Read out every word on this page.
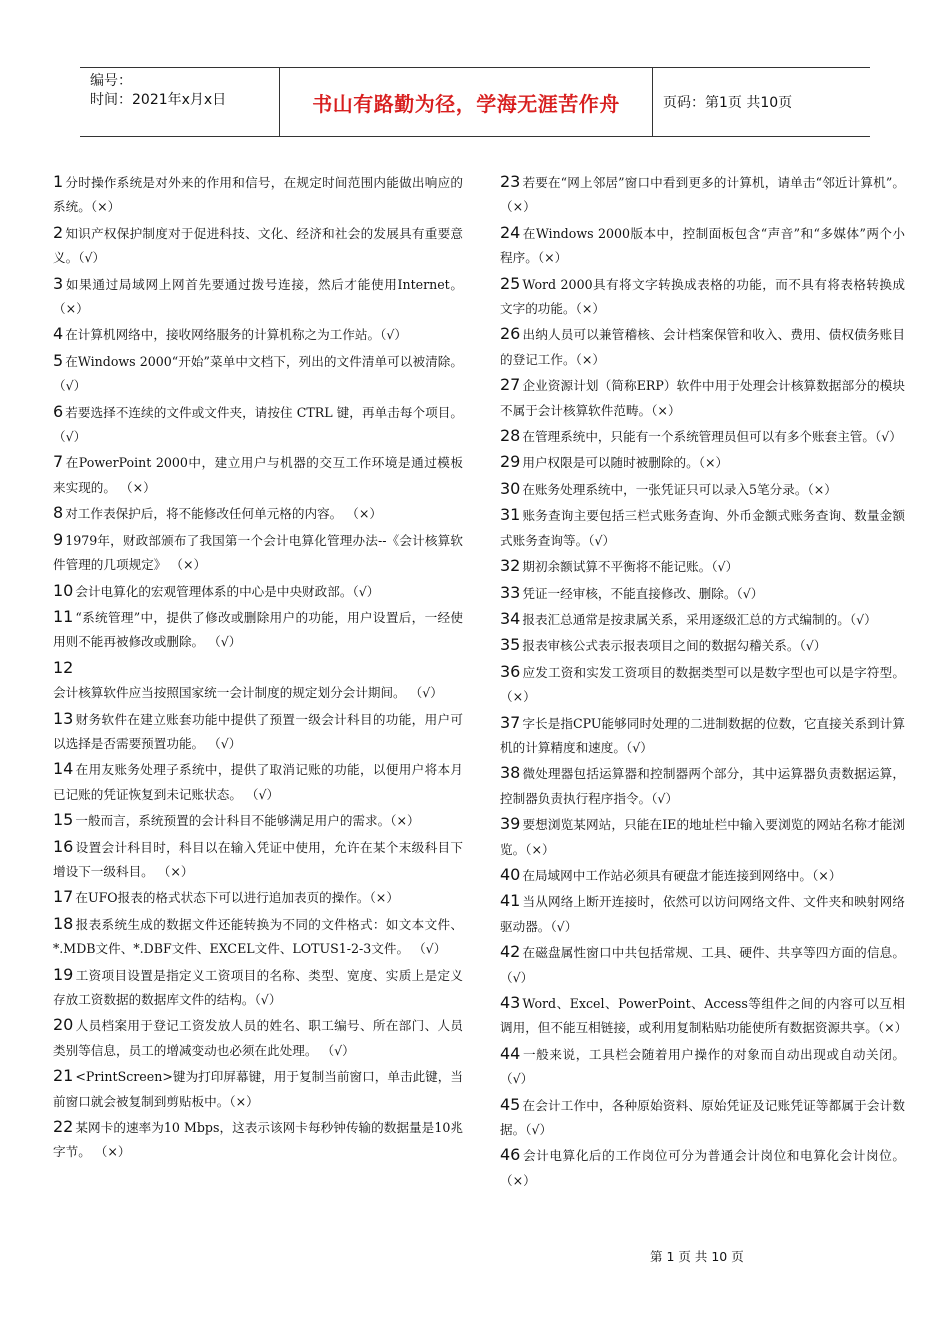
编号：
时间：2021年x月x日	书山有路勤为径，学海无涯苦作舟	页码：第1页 共10页
1 分时操作系统是对外来的作用和信号，在规定时间范围内能做出响应的系统。（×）
2 知识产权保护制度对于促进科技、文化、经济和社会的发展具有重要意义。（√）
3 如果通过局域网上网首先要通过拨号连接，然后才能使用Internet。 （×）
4 在计算机网络中，接收网络服务的计算机称之为工作站。（√）
5 在Windows 2000“开始”菜单中文档下，列出的文件清单可以被清除。 （√）
6 若要选择不连续的文件或文件夹，请按住 CTRL 键，再单击每个项目。 （√）
7 在PowerPoint 2000中，建立用户与机器的交互工作环境是通过模板来实现的。 （×）
8 对工作表保护后，将不能修改任何单元格的内容。 （×）
9 1979年，财政部颁布了我国第一个会计电算化管理办法--《会计核算软件管理的几项规定》 （×）
10 会计电算化的宏观管理体系的中心是中央财政部。（√）
11 “系统管理”中，提供了修改或删除用户的功能，用户设置后，一经使用则不能再被修改或删除。 （√）
12会计核算软件应当按照国家统一会计制度的规定划分会计期间。 （√）
13 财务软件在建立账套功能中提供了预置一级会计科目的功能，用户可以选择是否需要预置功能。 （√）
14 在用友账务处理子系统中，提供了取消记账的功能，以便用户将本月已记账的凭证恢复到未记账状态。 （√）
15 一般而言，系统预置的会计科目不能够满足用户的需求。（×）
16 设置会计科目时，科目以在输入凭证中使用，允许在某个末级科目下增设下一级科目。 （×）
17 在UFO报表的格式状态下可以进行追加表页的操作。（×）
18 报表系统生成的数据文件还能转换为不同的文件格式：如文本文件、*.MDB文件、*.DBF文件、EXCEL文件、LOTUS1-2-3文件。 （√）
19 工资项目设置是指定义工资项目的名称、类型、宽度、实质上是定义存放工资数据的数据库文件的结构。（√）
20 人员档案用于登记工资发放人员的姓名、职工编号、所在部门、人员类别等信息，员工的增减变动也必须在此处理。 （√）
21 <PrintScreen>键为打印屏幕键，用于复制当前窗口，单击此键，当前窗口就会被复制到剪贴板中。（×）
22 某网卡的速率为10 Mbps，这表示该网卡每秒钟传输的数据量是10兆字节。 （×）
23 若要在“网上邻居”窗口中看到更多的计算机，请单击“邻近计算机”。（×）
24 在Windows 2000版本中，控制面板包含“声音”和“多媒体”两个小程序。（×）
25 Word 2000具有将文字转换成表格的功能，而不具有将表格转换成文字的功能。（×）
26 出纳人员可以兼管稽核、会计档案保管和收入、费用、债权债务账目的登记工作。（×）
27 企业资源计划（简称ERP）软件中用于处理会计核算数据部分的模块不属于会计核算软件范畴。（×）
28 在管理系统中，只能有一个系统管理员但可以有多个账套主管。（√）
29 用户权限是可以随时被删除的。（×）
30 在账务处理系统中，一张凭证只可以录入5笔分录。（×）
31 账务查询主要包括三栏式账务查询、外币金额式账务查询、数量金额式账务查询等。（√）
32 期初余额试算不平衡将不能记账。（√）
33 凭证一经审核，不能直接修改、删除。（√）
34 报表汇总通常是按隶属关系，采用逐级汇总的方式编制的。（√）
35 报表审核公式表示报表项目之间的数据勾稽关系。（√）
36 应发工资和实发工资项目的数据类型可以是数字型也可以是字符型。（×）
37 字长是指CPU能够同时处理的二进制数据的位数，它直接关系到计算机的计算精度和速度。（√）
38 微处理器包括运算器和控制器两个部分，其中运算器负责数据运算，控制器负责执行程序指令。（√）
39 要想浏览某网站，只能在IE的地址栏中输入要浏览的网站名称才能浏览。（×）
40 在局域网中工作站必须具有硬盘才能连接到网络中。（×）
41 当从网络上断开连接时，依然可以访问网络文件、文件夹和映射网络驱动器。（√）
42 在磁盘属性窗口中共包括常规、工具、硬件、共享等四方面的信息。（√）
43 Word、Excel、PowerPoint、Access等组件之间的内容可以互相调用，但不能互相链接，或利用复制粘贴功能使所有数据资源共享。（×）
44 一般来说，工具栏会随着用户操作的对象而自动出现或自动关闭。（√）
45 在会计工作中，各种原始资料、原始凭证及记账凭证等都属于会计数据。（√）
46 会计电算化后的工作岗位可分为普通会计岗位和电算化会计岗位。（×）
第 1 页 共 10 页
